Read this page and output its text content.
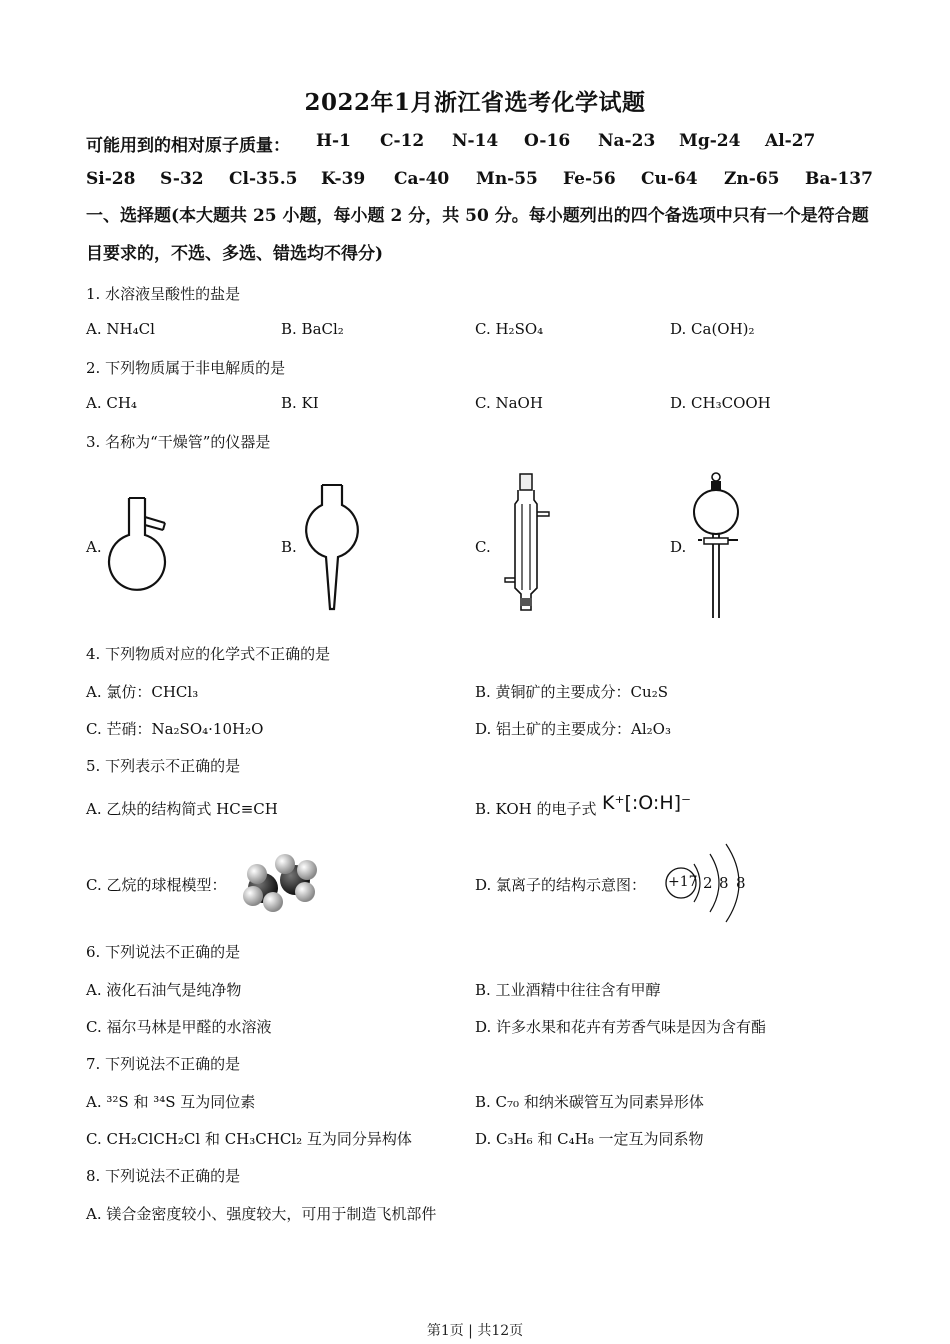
2022年1月浙江省选考化学试题
可能用到的相对原子质量： H-1 C-12 N-14 O-16 Na-23 Mg-24 Al-27
Si-28 S-32 Cl-35.5 K-39 Ca-40 Mn-55 Fe-56 Cu-64 Zn-65 Ba-137
一、选择题(本大题共 25 小题，每小题 2 分，共 50 分。每小题列出的四个备选项中只有一个是符合题目要求的，不选、多选、错选均不得分)
1. 水溶液呈酸性的盐是
A. NH₄Cl	B. BaCl₂	C. H₂SO₄	D. Ca(OH)₂
2. 下列物质属于非电解质的是
A. CH₄	B. KI	C. NaOH	D. CH₃COOH
3. 名称为“干燥管”的仪器是
A.	B.	C.	D.
4. 下列物质对应的化学式不正确的是
A. 氯仿：CHCl₃	B. 黄铜矿的主要成分：Cu₂S
C. 芒硝：Na₂SO₄·10H₂O	D. 铝土矿的主要成分：Al₂O₃
5. 下列表示不正确的是
A. 乙炔的结构简式 HC≡CH	B. KOH 的电子式 K⁺[:O:H]⁻
C. 乙烷的球棍模型：	D. 氯离子的结构示意图： +17 2 8 8
6. 下列说法不正确的是
A. 液化石油气是纯净物	B. 工业酒精中往往含有甲醇
C. 福尔马林是甲醛的水溶液	D. 许多水果和花卉有芳香气味是因为含有酯
7. 下列说法不正确的是
A. ³²S 和 ³⁴S 互为同位素	B. C₇₀ 和纳米碳管互为同素异形体
C. CH₂ClCH₂Cl 和 CH₃CHCl₂ 互为同分异构体	D. C₃H₆ 和 C₄H₈ 一定互为同系物
8. 下列说法不正确的是
A. 镁合金密度较小、强度较大，可用于制造飞机部件
第1页 | 共12页
